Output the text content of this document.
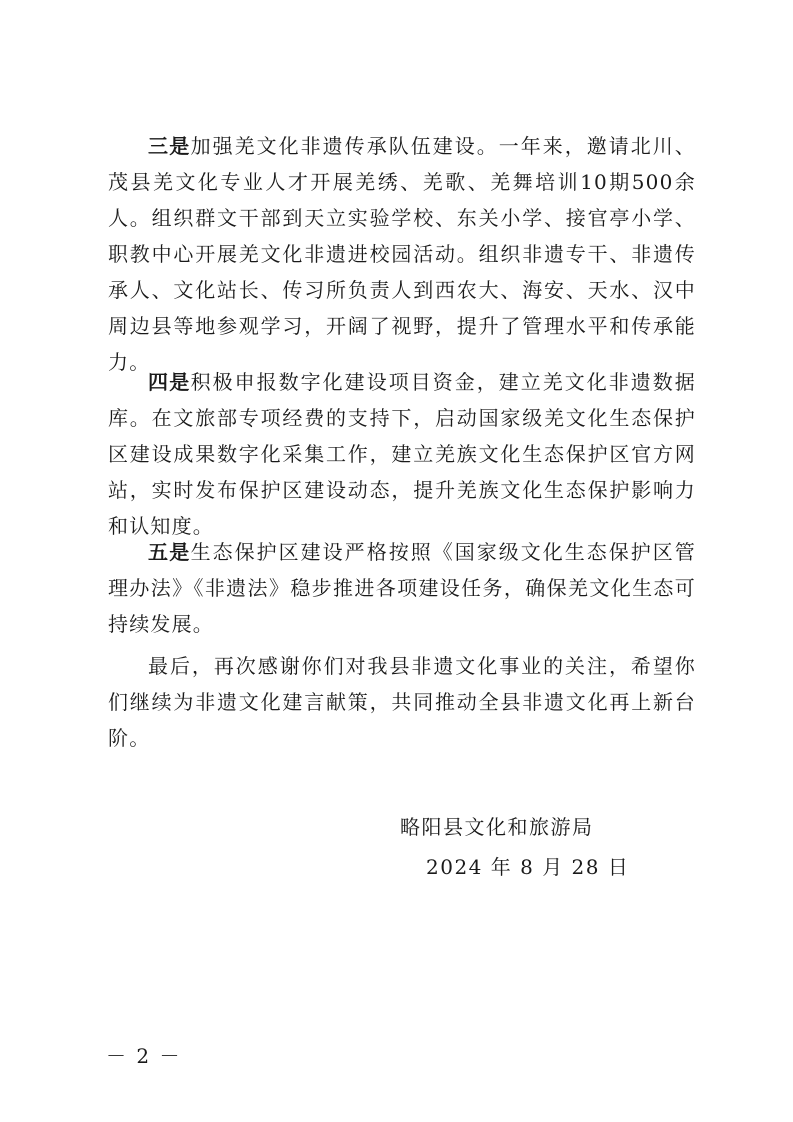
三是加强羌文化非遗传承队伍建设。一年来，邀请北川、茂县羌文化专业人才开展羌绣、羌歌、羌舞培训10期500余人。组织群文干部到天立实验学校、东关小学、接官亭小学、职教中心开展羌文化非遗进校园活动。组织非遗专干、非遗传承人、文化站长、传习所负责人到西农大、海安、天水、汉中周边县等地参观学习，开阔了视野，提升了管理水平和传承能力。

四是积极申报数字化建设项目资金，建立羌文化非遗数据库。在文旅部专项经费的支持下，启动国家级羌文化生态保护区建设成果数字化采集工作，建立羌族文化生态保护区官方网站，实时发布保护区建设动态，提升羌族文化生态保护影响力和认知度。

五是生态保护区建设严格按照《国家级文化生态保护区管理办法》《非遗法》稳步推进各项建设任务，确保羌文化生态可持续发展。

最后，再次感谢你们对我县非遗文化事业的关注，希望你们继续为非遗文化建言献策，共同推动全县非遗文化再上新台阶。

略阳县文化和旅游局
2024 年 8 月 28 日
－ 2 －
